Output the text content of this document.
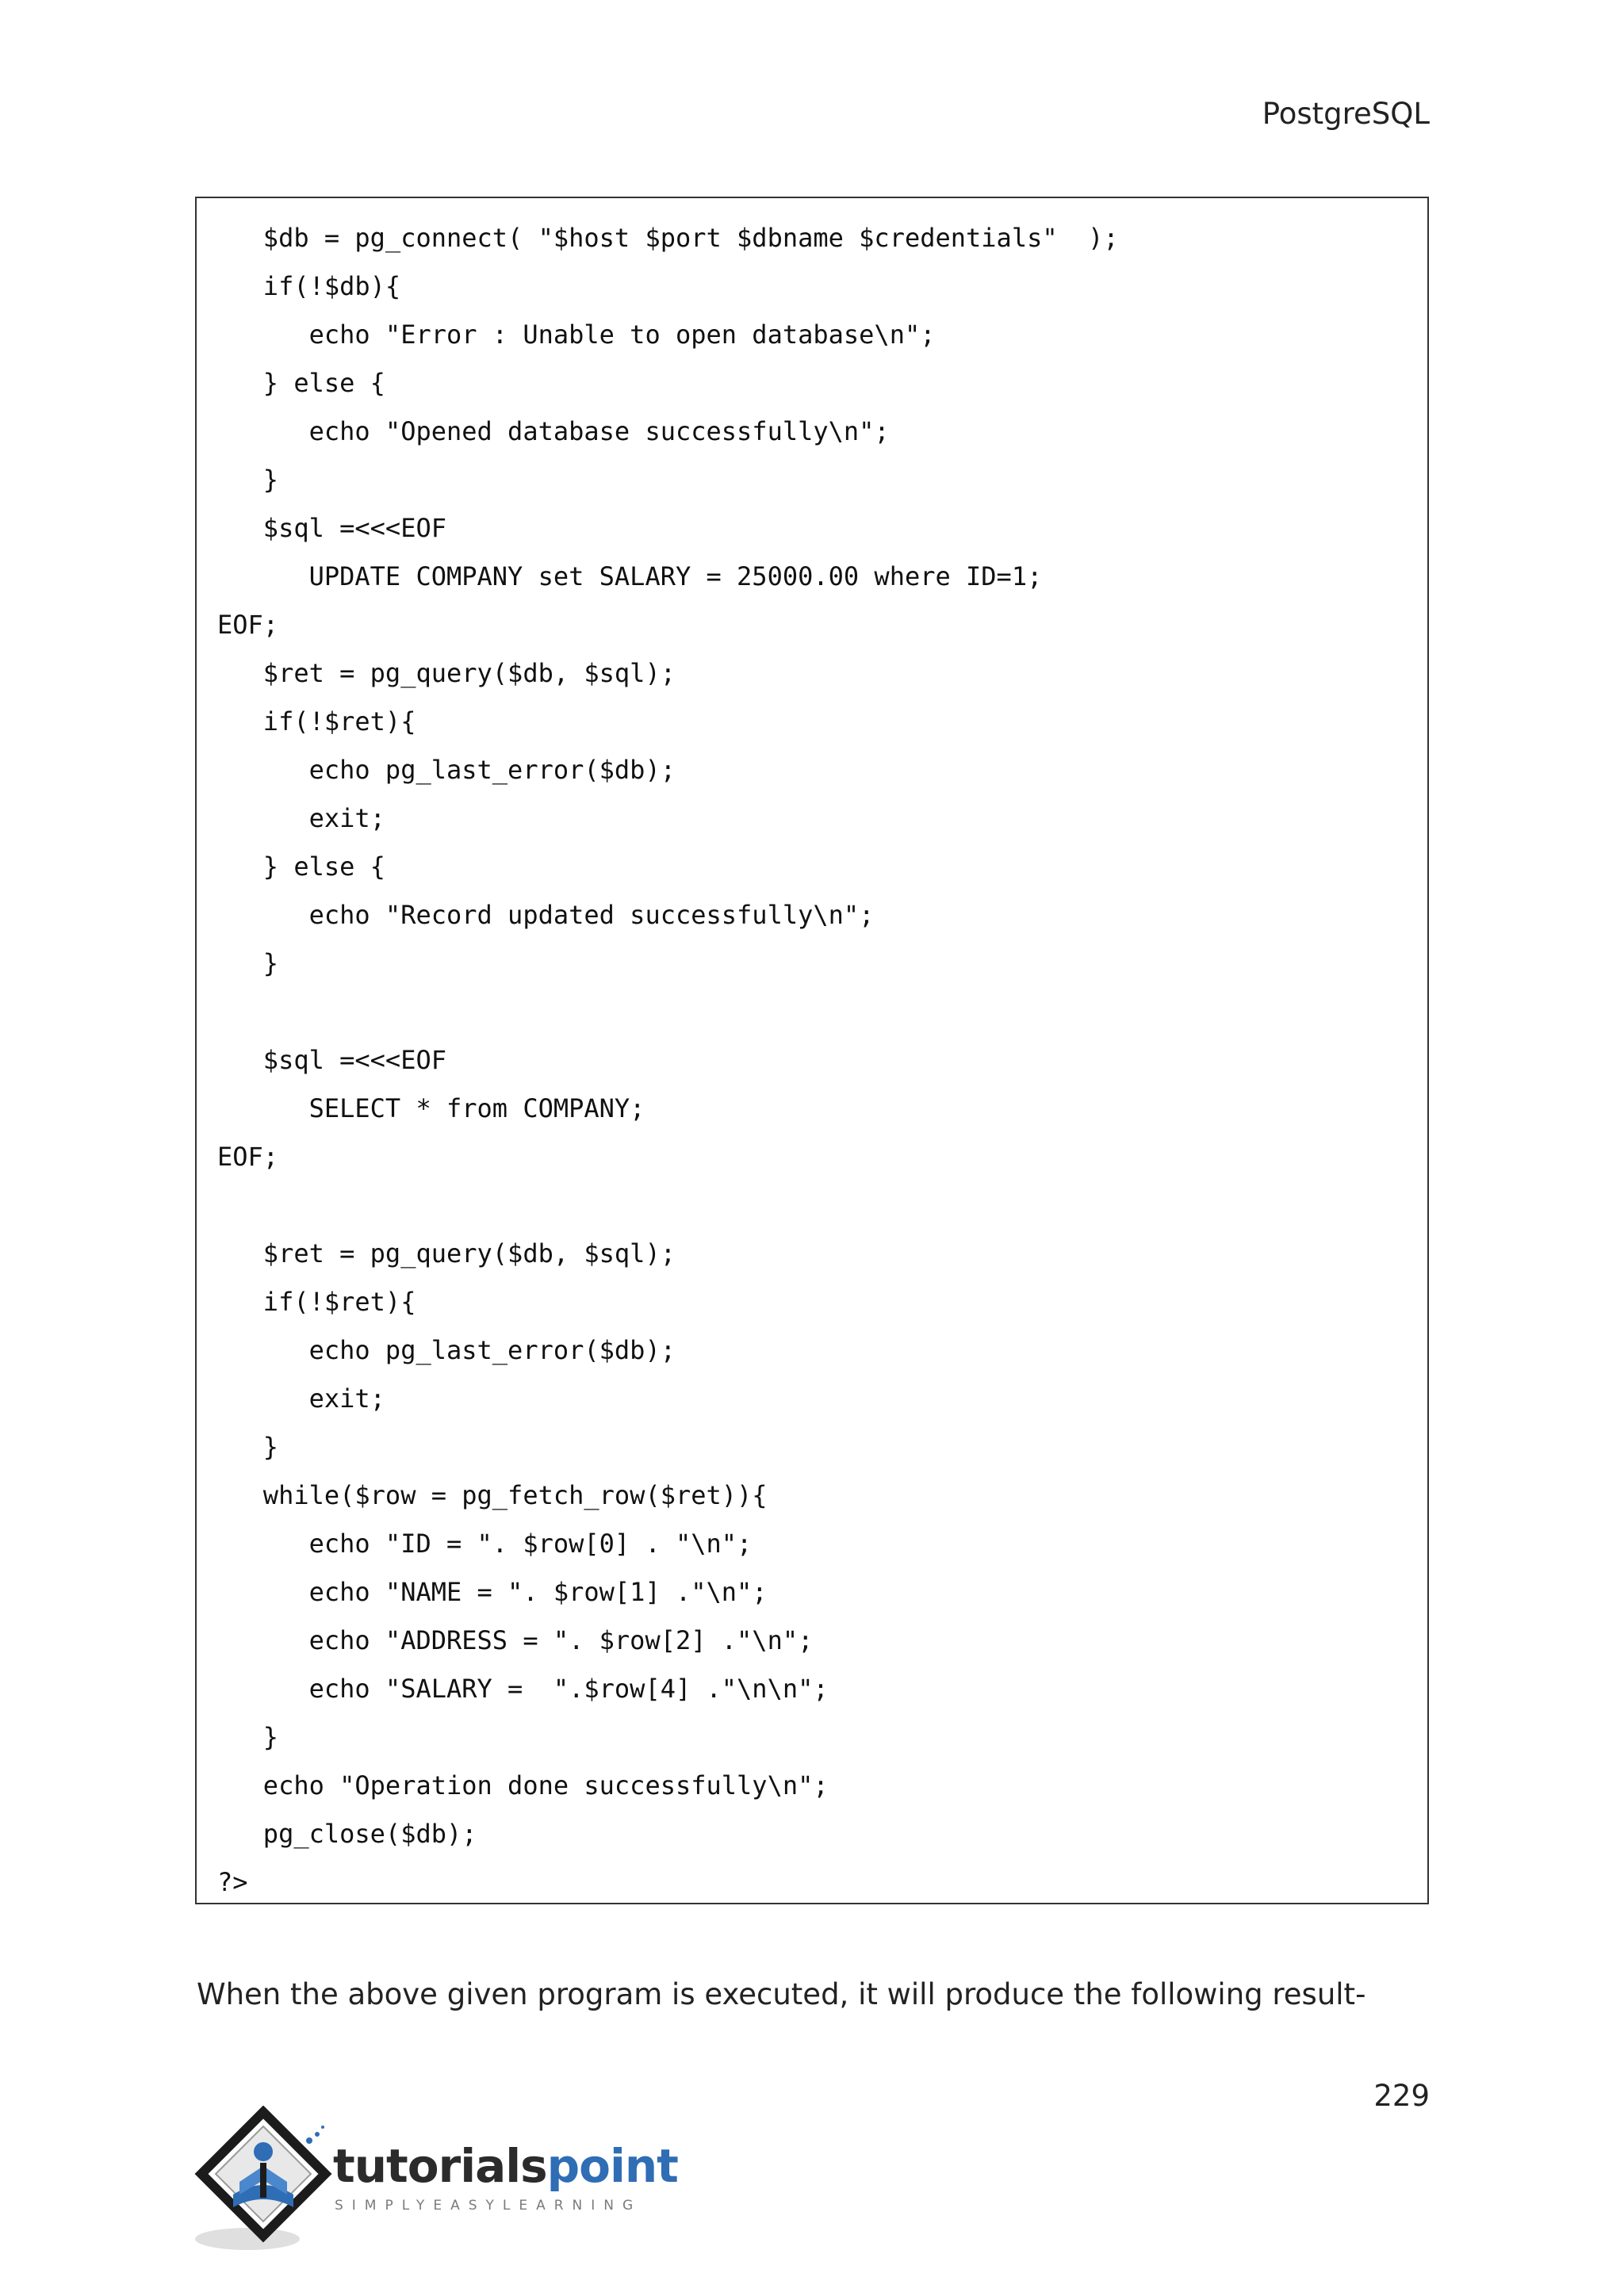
PostgreSQL
$db = pg_connect( "$host $port $dbname $credentials"  );
if(!$db){
echo "Error : Unable to open database\n";
} else {
echo "Opened database successfully\n";
}
$sql =<<<EOF
UPDATE COMPANY set SALARY = 25000.00 where ID=1;
EOF;
$ret = pg_query($db, $sql);
if(!$ret){
echo pg_last_error($db);
exit;
} else {
echo "Record updated successfully\n";
}
$sql =<<<EOF
SELECT * from COMPANY;
EOF;
$ret = pg_query($db, $sql);
if(!$ret){
echo pg_last_error($db);
exit;
}
while($row = pg_fetch_row($ret)){
echo "ID = ". $row[0] . "\n";
echo "NAME = ". $row[1] ."\n";
echo "ADDRESS = ". $row[2] ."\n";
echo "SALARY =  ".$row[4] ."\n\n";
}
echo "Operation done successfully\n";
pg_close($db);
?>
When the above given program is executed, it will produce the following result-
229
tutorialspoint
SIMPLYEASYLEARNING
